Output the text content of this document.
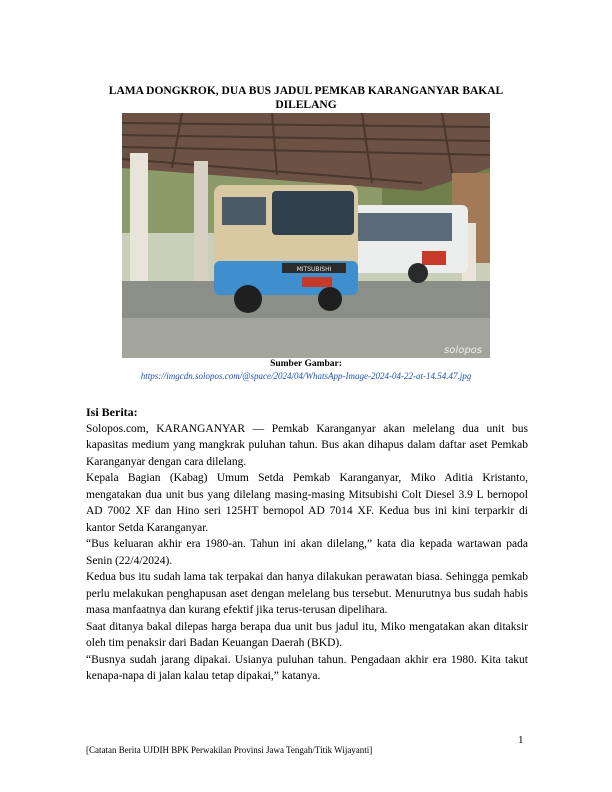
LAMA DONGKROK, DUA BUS JADUL PEMKAB KARANGANYAR BAKAL DILELANG
MITSUBISHI
solopos
Sumber Gambar:
https://imgcdn.solopos.com/@space/2024/04/WhatsApp-Image-2024-04-22-at-14.54.47.jpg
Isi Berita:

Solopos.com, KARANGANYAR — Pemkab Karanganyar akan melelang dua unit bus kapasitas medium yang mangkrak puluhan tahun. Bus akan dihapus dalam daftar aset Pemkab Karanganyar dengan cara dilelang.

Kepala Bagian (Kabag) Umum Setda Pemkab Karanganyar, Miko Aditia Kristanto, mengatakan dua unit bus yang dilelang masing-masing Mitsubishi Colt Diesel 3.9 L bernopol AD 7002 XF dan Hino seri 125HT bernopol AD 7014 XF. Kedua bus ini kini terparkir di kantor Setda Karanganyar.

“Bus keluaran akhir era 1980-an. Tahun ini akan dilelang,” kata dia kepada wartawan pada Senin (22/4/2024).

Kedua bus itu sudah lama tak terpakai dan hanya dilakukan perawatan biasa. Sehingga pemkab perlu melakukan penghapusan aset dengan melelang bus tersebut. Menurutnya bus sudah habis masa manfaatnya dan kurang efektif jika terus-terusan dipelihara.

Saat ditanya bakal dilepas harga berapa dua unit bus jadul itu, Miko mengatakan akan ditaksir oleh tim penaksir dari Badan Keuangan Daerah (BKD).

“Busnya sudah jarang dipakai. Usianya puluhan tahun. Pengadaan akhir era 1980. Kita takut kenapa-napa di jalan kalau tetap dipakai,” katanya.

1
[Catatan Berita UJDIH BPK Perwakilan Provinsi Jawa Tengah/Titik Wijayanti]
